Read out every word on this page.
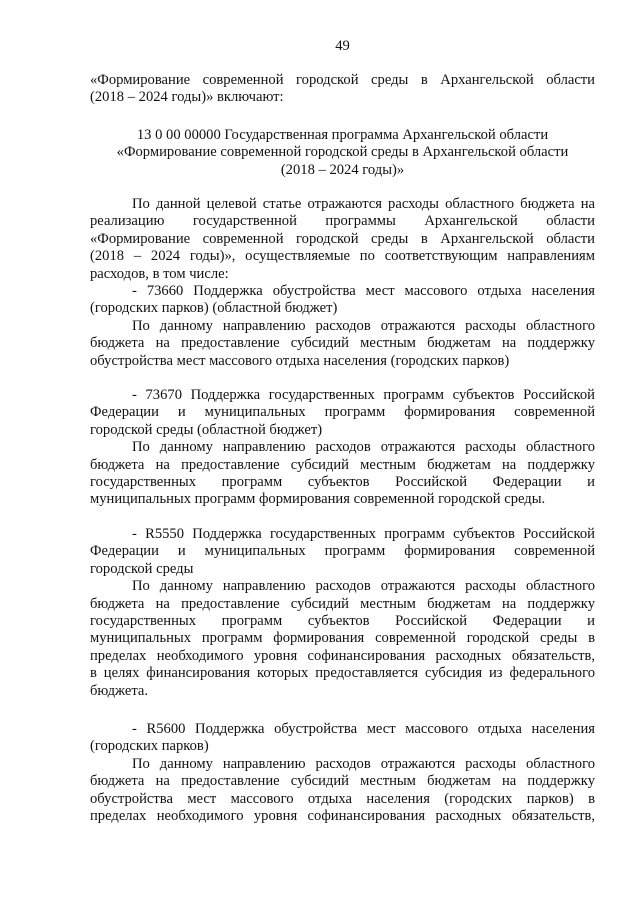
49
«Формирование современной городской среды в Архангельской области
(2018 – 2024 годы)» включают:
13 0 00 00000 Государственная программа Архангельской области
«Формирование современной городской среды в Архангельской области
(2018 – 2024 годы)»
По данной целевой статье отражаются расходы областного бюджета на
реализацию государственной программы Архангельской области
«Формирование современной городской среды в Архангельской области
(2018 – 2024 годы)», осуществляемые по соответствующим направлениям
расходов, в том числе:
- 73660 Поддержка обустройства мест массового отдыха населения
(городских парков) (областной бюджет)
По данному направлению расходов отражаются расходы областного
бюджета на предоставление субсидий местным бюджетам на поддержку
обустройства мест массового отдыха населения (городских парков)
- 73670 Поддержка государственных программ субъектов Российской
Федерации и муниципальных программ формирования современной
городской среды (областной бюджет)
По данному направлению расходов отражаются расходы областного
бюджета на предоставление субсидий местным бюджетам на поддержку
государственных программ субъектов Российской Федерации и
муниципальных программ формирования современной городской среды.
- R5550 Поддержка государственных программ субъектов Российской
Федерации и муниципальных программ формирования современной
городской среды
По данному направлению расходов отражаются расходы областного
бюджета на предоставление субсидий местным бюджетам на поддержку
государственных программ субъектов Российской Федерации и
муниципальных программ формирования современной городской среды в
пределах необходимого уровня софинансирования расходных обязательств,
в целях финансирования которых предоставляется субсидия из федерального
бюджета.
- R5600 Поддержка обустройства мест массового отдыха населения
(городских парков)
По данному направлению расходов отражаются расходы областного
бюджета на предоставление субсидий местным бюджетам на поддержку
обустройства мест массового отдыха населения (городских парков) в
пределах необходимого уровня софинансирования расходных обязательств,
